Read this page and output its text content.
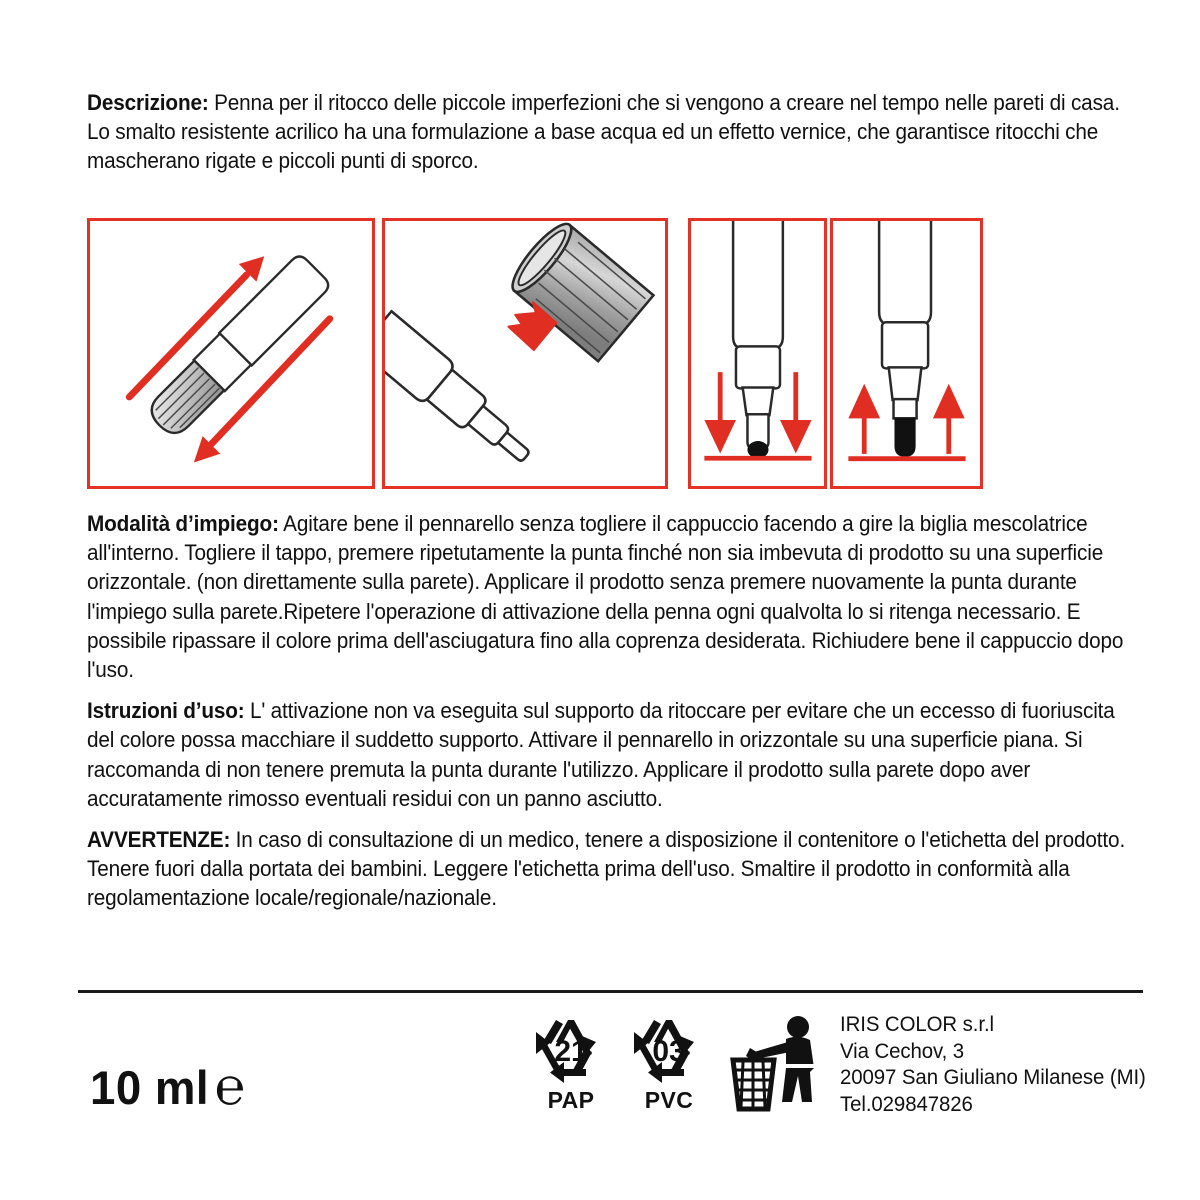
Descrizione: Penna per il ritocco delle piccole imperfezioni che si vengono a creare nel tempo nelle pareti di casa. Lo smalto resistente acrilico ha una formulazione a base acqua ed un effetto vernice, che garantisce ritocchi che mascherano rigate e piccoli punti di sporco.

Modalità d’impiego: Agitare bene il pennarello senza togliere il cappuccio facendo a gire la biglia mescolatrice all'interno. Togliere il tappo, premere ripetutamente la punta finché non sia imbevuta di prodotto su una superficie orizzontale. (non direttamente sulla parete). Applicare il prodotto senza premere nuovamente la punta durante l'impiego sulla parete.Ripetere l'operazione di attivazione della penna ogni qualvolta lo si ritenga necessario. E possibile ripassare il colore prima dell'asciugatura fino alla coprenza desiderata. Richiudere bene il cappuccio dopo l'uso.

Istruzioni d’uso: L' attivazione non va eseguita sul supporto da ritoccare per evitare che un eccesso di fuoriuscita del colore possa macchiare il suddetto supporto. Attivare il pennarello in orizzontale su una superficie piana. Si raccomanda di non tenere premuta la punta durante l'utilizzo. Applicare il prodotto sulla parete dopo aver accuratamente rimosso eventuali residui con un panno asciutto.

AVVERTENZE: In caso di consultazione di un medico, tenere a disposizione il contenitore o l'etichetta del prodotto. Tenere fuori dalla portata dei bambini. Leggere l'etichetta prima dell'uso. Smaltire il prodotto in conformità alla regolamentazione locale/regionale/nazionale.

10 ml ℮
21
PAP
03
PVC
IRIS COLOR s.r.l
Via Cechov, 3
20097 San Giuliano Milanese (MI)
Tel.029847826
